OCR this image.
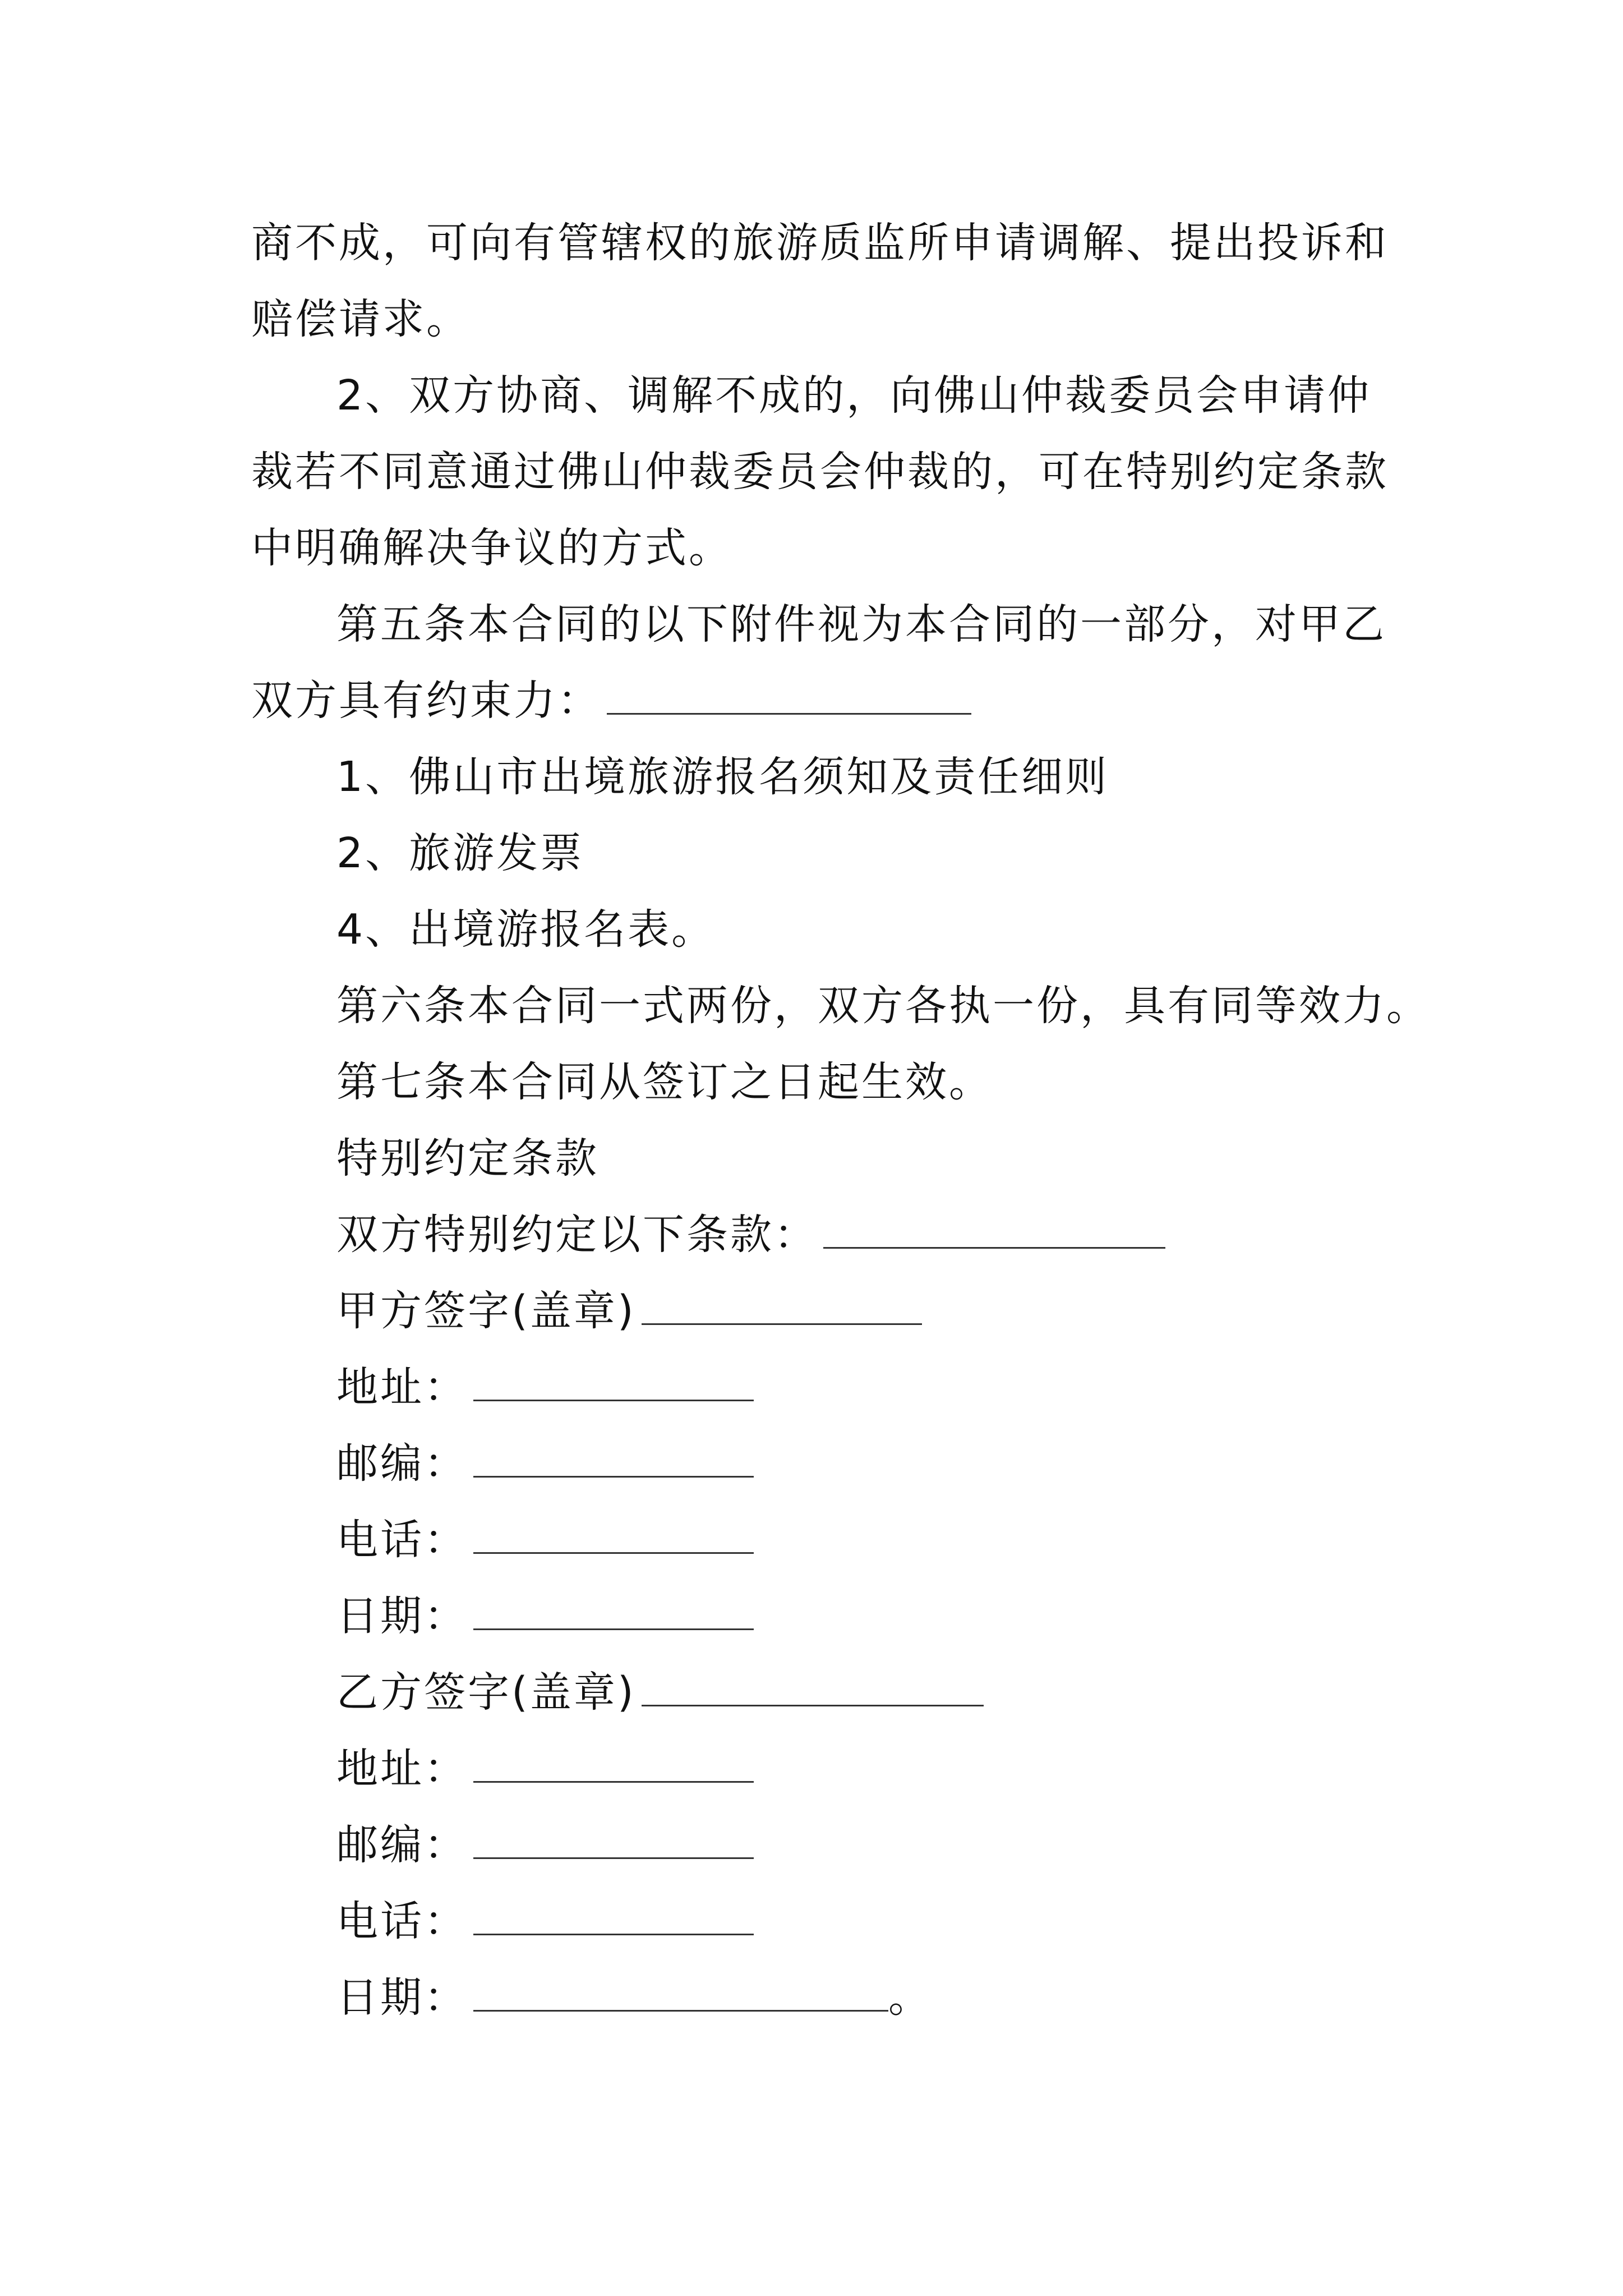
商不成，可向有管辖权的旅游质监所申请调解、提出投诉和
赔偿请求。
2、双方协商、调解不成的，向佛山仲裁委员会申请仲
裁若不同意通过佛山仲裁委员会仲裁的，可在特别约定条款
中明确解决争议的方式。
第五条本合同的以下附件视为本合同的一部分，对甲乙
双方具有约束力：
1、佛山市出境旅游报名须知及责任细则
2、旅游发票
4、出境游报名表。
第六条本合同一式两份，双方各执一份，具有同等效力。
第七条本合同从签订之日起生效。
特别约定条款
双方特别约定以下条款：
甲方签字(盖章)
地址：
邮编：
电话：
日期：
乙方签字(盖章)
地址：
邮编：
电话：
日期：	。
